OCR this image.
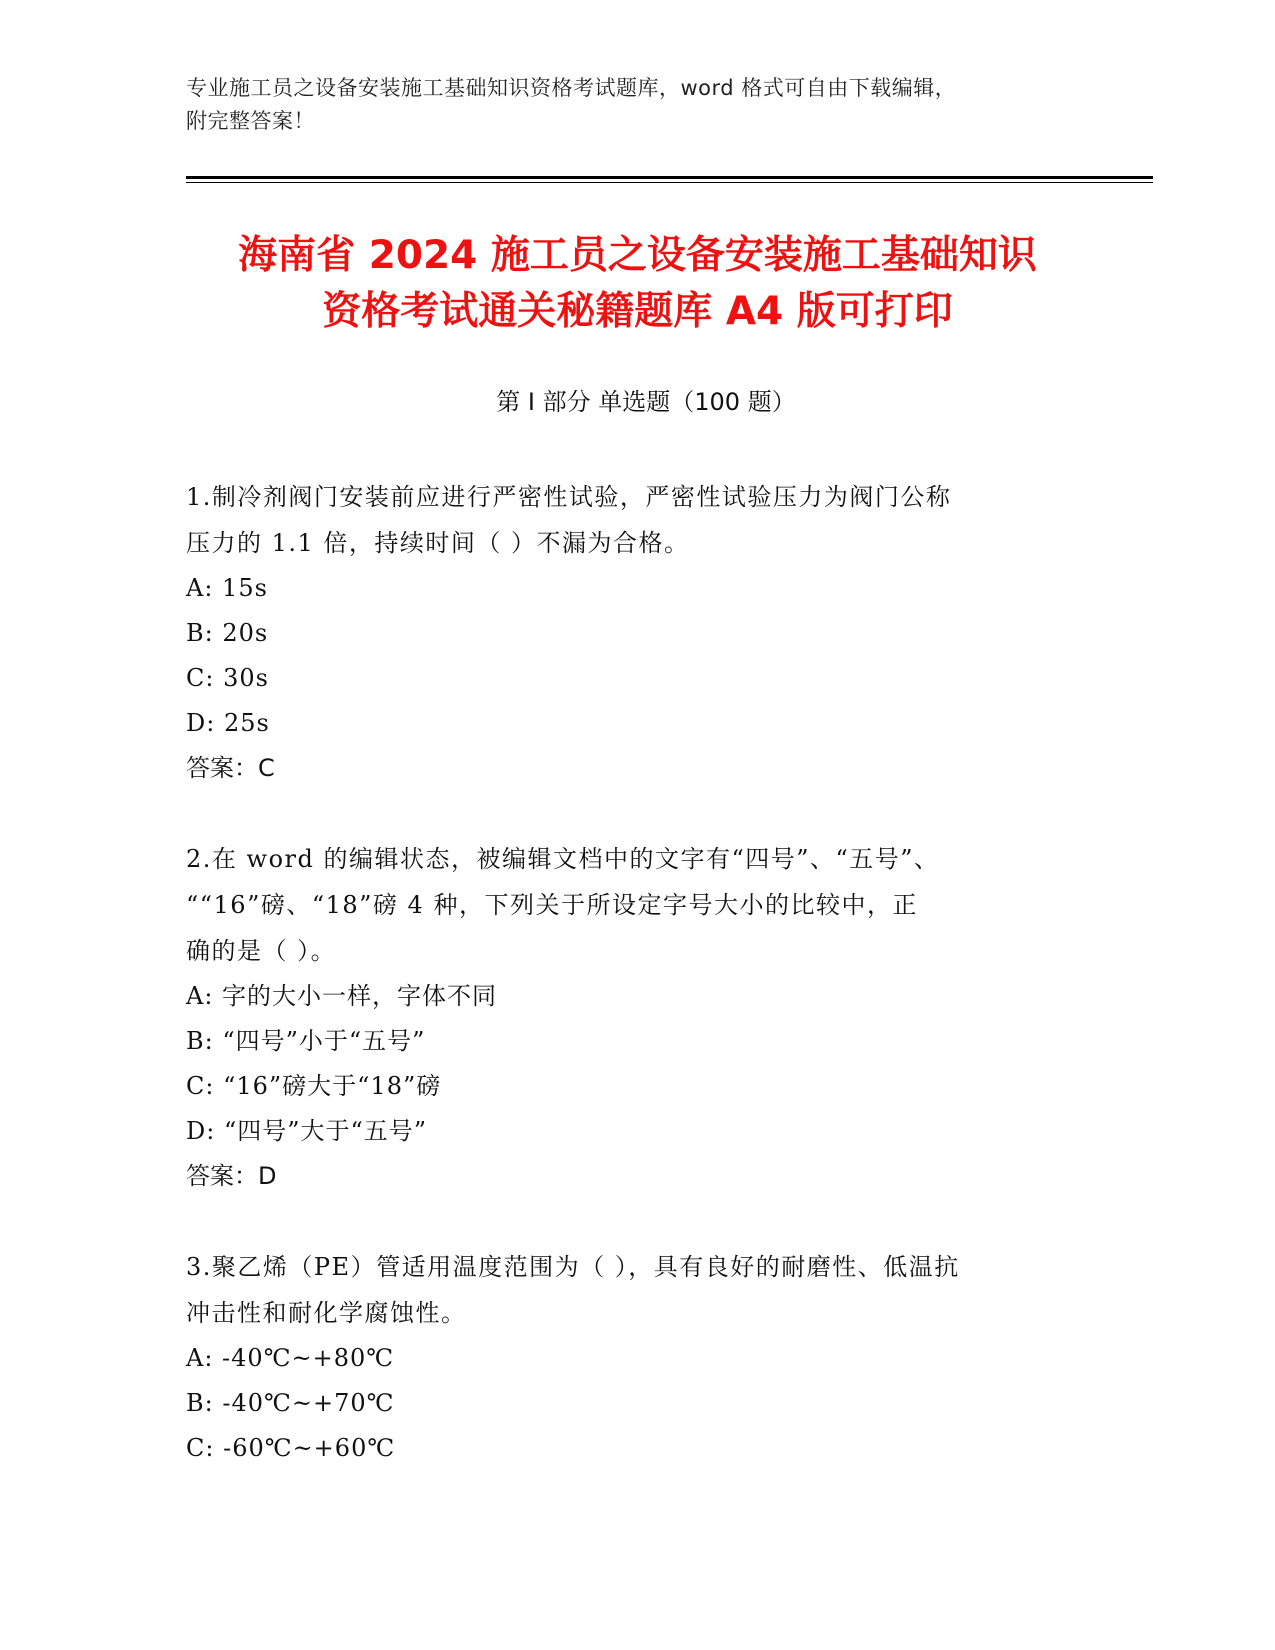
专业施工员之设备安装施工基础知识资格考试题库，word 格式可自由下载编辑，
附完整答案！
海南省 2024 施工员之设备安装施工基础知识
资格考试通关秘籍题库 A4 版可打印
第 I 部分 单选题（100 题）
1.制冷剂阀门安装前应进行严密性试验，严密性试验压力为阀门公称
压力的 1.1 倍，持续时间（ ）不漏为合格。
A: 15s
B: 20s
C: 30s
D: 25s
答案：C
2.在 word 的编辑状态，被编辑文档中的文字有“四号”、“五号”、
““16”磅、“18”磅 4 种，下列关于所设定字号大小的比较中，正
确的是（ ）。
A: 字的大小一样，字体不同
B: “四号”小于“五号”
C: “16”磅大于“18”磅
D: “四号”大于“五号”
答案：D
3.聚乙烯（PE）管适用温度范围为（ ），具有良好的耐磨性、低温抗
冲击性和耐化学腐蚀性。
A: -40℃~+80℃
B: -40℃~+70℃
C: -60℃~+60℃
